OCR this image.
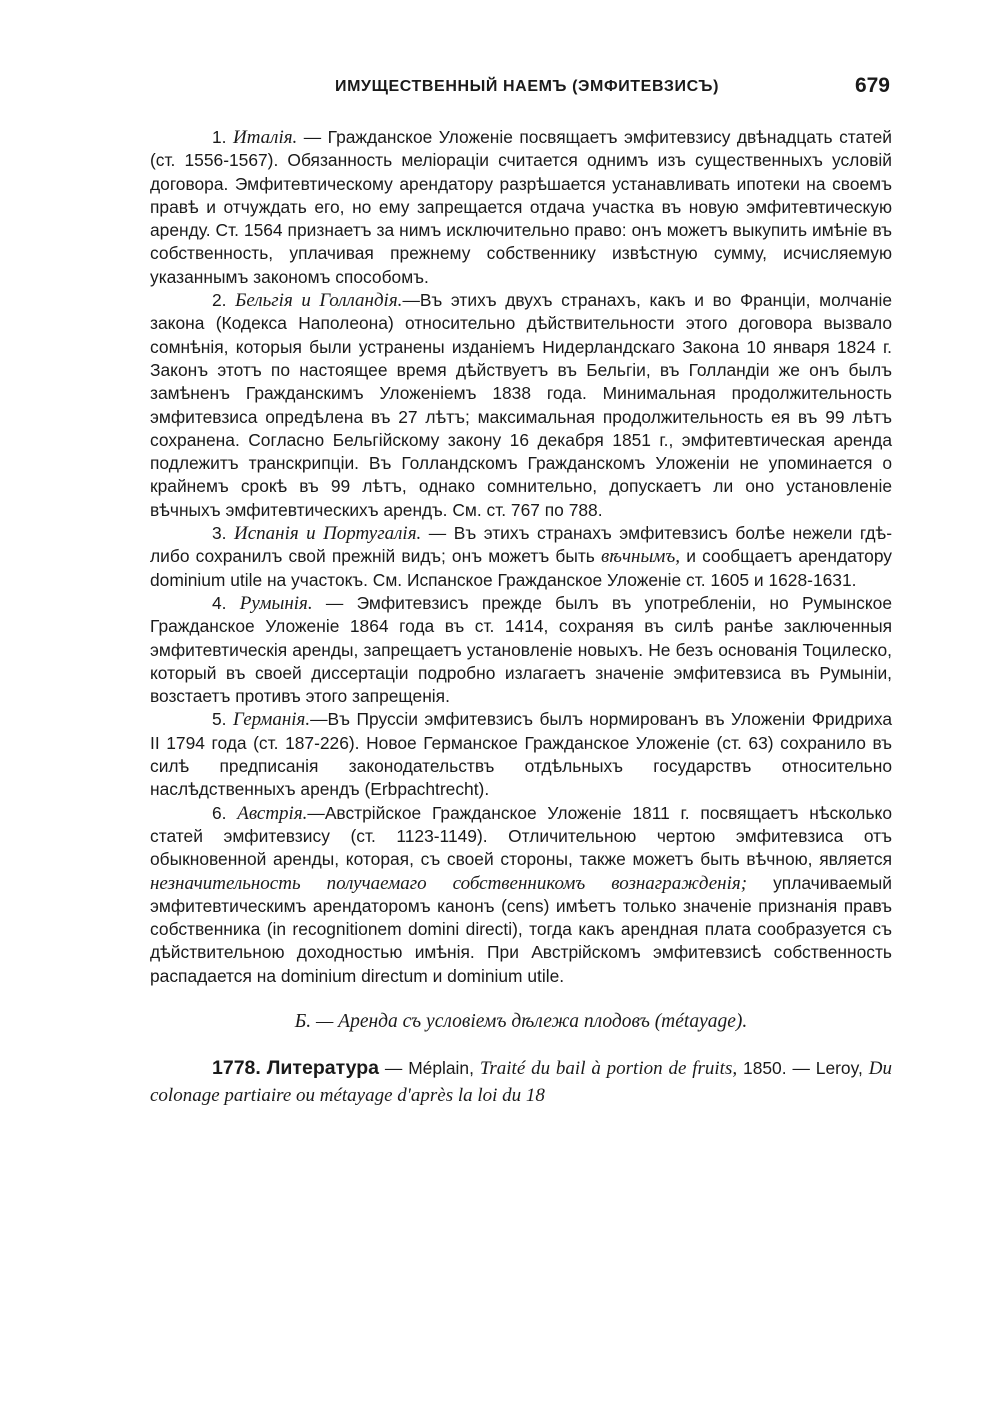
ИМУЩЕСТВЕННЫЙ НАЕМЪ (ЭМФИТЕВЗИСЪ)	679

1. Италія. — Гражданское Уложеніе посвящаетъ эмфитевзису двѣнадцать статей (ст. 1556-1567). Обязанность меліораціи считается однимъ изъ существенныхъ условій договора. Эмфитевтическому арендатору разрѣшается устанавливать ипотеки на своемъ правѣ и отчуждать его, но ему запрещается отдача участка въ новую эмфитевтическую аренду. Ст. 1564 признаетъ за нимъ исключительно право: онъ можетъ выкупить имѣніе въ собственность, уплачивая прежнему собственнику извѣстную сумму, исчисляемую указаннымъ закономъ способомъ.

2. Бельгія и Голландія.—Въ этихъ двухъ странахъ, какъ и во Франціи, молчаніе закона (Кодекса Наполеона) относительно дѣйствительности этого договора вызвало сомнѣнія, которыя были устранены изданіемъ Нидерландскаго Закона 10 января 1824 г. Законъ этотъ по настоящее время дѣйствуетъ въ Бельгіи, въ Голландіи же онъ былъ замѣненъ Гражданскимъ Уложеніемъ 1838 года. Минимальная продолжительность эмфитевзиса опредѣлена въ 27 лѣтъ; максимальная продолжительность ея въ 99 лѣтъ сохранена. Согласно Бельгійскому закону 16 декабря 1851 г., эмфитевтическая аренда подлежитъ транскрипціи. Въ Голландскомъ Гражданскомъ Уложеніи не упоминается о крайнемъ срокѣ въ 99 лѣтъ, однако сомнительно, допускаетъ ли оно установленіе вѣчныхъ эмфитевтическихъ арендъ. См. ст. 767 по 788.

3. Испанія и Португалія. — Въ этихъ странахъ эмфитевзисъ болѣе нежели гдѣ-либо сохранилъ свой прежній видъ; онъ можетъ быть вѣчнымъ, и сообщаетъ арендатору dominium utile на участокъ. См. Испанское Гражданское Уложеніе ст. 1605 и 1628-1631.

4. Румынія. — Эмфитевзисъ прежде былъ въ употребленіи, но Румынское Гражданское Уложеніе 1864 года въ ст. 1414, сохраняя въ силѣ ранѣе заключенныя эмфитевтическія аренды, запрещаетъ установленіе новыхъ. Не безъ основанія Тоцилеско, который въ своей диссертаціи подробно излагаетъ значеніе эмфитевзиса въ Румыніи, возстаетъ противъ этого запрещенія.

5. Германія.—Въ Пруссіи эмфитевзисъ былъ нормированъ въ Уложеніи Фридриха II 1794 года (ст. 187-226). Новое Германское Гражданское Уложеніе (ст. 63) сохранило въ силѣ предписанія законодательствъ отдѣльныхъ государствъ относительно наслѣдственныхъ арендъ (Erbpachtrecht).

6. Австрія.—Австрійское Гражданское Уложеніе 1811 г. посвящаетъ нѣсколько статей эмфитевзису (ст. 1123-1149). Отличительною чертою эмфитевзиса отъ обыкновенной аренды, которая, съ своей стороны, также можетъ быть вѣчною, является незначительность получаемаго собственникомъ вознагражденія; уплачиваемый эмфитевтическимъ арендаторомъ канонъ (cens) имѣетъ только значеніе признанія правъ собственника (in recognitionem domini directi), тогда какъ арендная плата сообразуется съ дѣйствительною доходностью имѣнія. При Австрійскомъ эмфитевзисѣ собственность распадается на dominium directum и dominium utile.

Б. — Аренда съ условіемъ дѣлежа плодовъ (métayage).

1778. Литература — Méplain, Traité du bail à portion de fruits, 1850. — Leroy, Du colonage partiaire ou métayage d'après la loi du 18
